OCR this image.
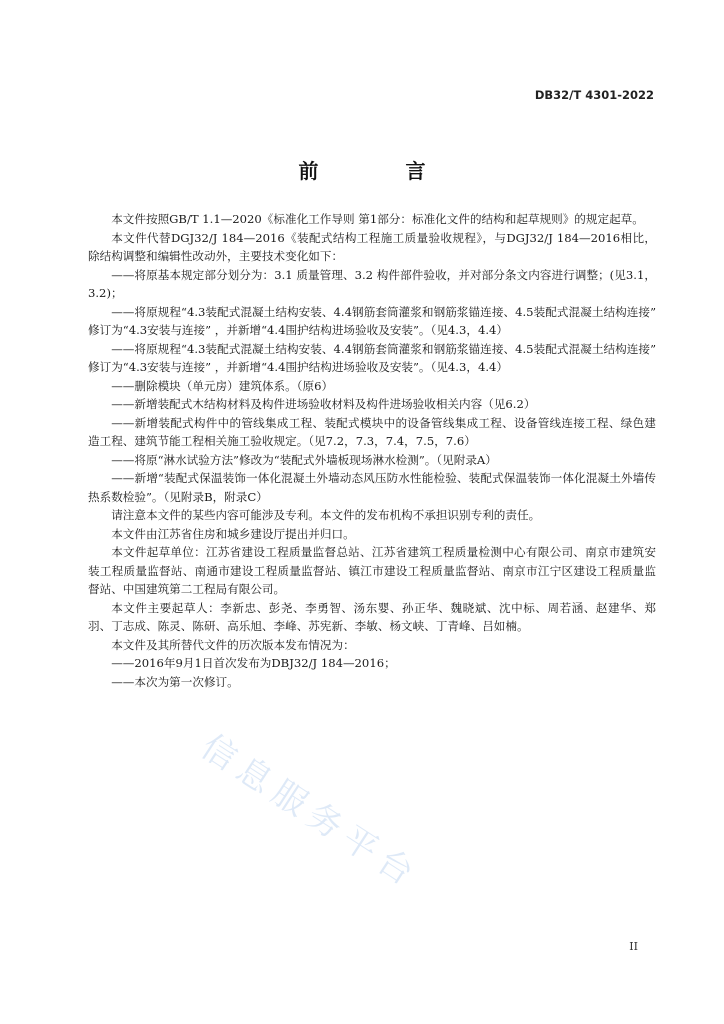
DB32/T 4301-2022
前 言

本文件按照GB/T 1.1—2020《标准化工作导则 第1部分：标准化文件的结构和起草规则》的规定起草。

本文件代替DGJ32/J 184—2016《装配式结构工程施工质量验收规程》，与DGJ32/J 184—2016相比，除结构调整和编辑性改动外，主要技术变化如下：

——将原基本规定部分划分为：3.1 质量管理、3.2 构件部件验收，并对部分条文内容进行调整；(见3.1，3.2)；

——将原规程“4.3装配式混凝土结构安装、4.4钢筋套筒灌浆和钢筋浆锚连接、4.5装配式混凝土结构连接” 修订为“4.3安装与连接” ，并新增“4.4围护结构进场验收及安装”。（见4.3，4.4）

——将原规程“4.3装配式混凝土结构安装、4.4钢筋套筒灌浆和钢筋浆锚连接、4.5装配式混凝土结构连接” 修订为“4.3安装与连接” ，并新增“4.4围护结构进场验收及安装”。（见4.3，4.4）

——删除模块（单元房）建筑体系。（原6）

——新增装配式木结构材料及构件进场验收材料及构件进场验收相关内容（见6.2）

——新增装配式构件中的管线集成工程、装配式模块中的设备管线集成工程、设备管线连接工程、绿色建造工程、建筑节能工程相关施工验收规定。（见7.2，7.3，7.4，7.5，7.6）

——将原“淋水试验方法”修改为“装配式外墙板现场淋水检测”。（见附录A）

——新增“装配式保温装饰一体化混凝土外墙动态风压防水性能检验、装配式保温装饰一体化混凝土外墙传热系数检验”。（见附录B，附录C）

请注意本文件的某些内容可能涉及专利。本文件的发布机构不承担识别专利的责任。

本文件由江苏省住房和城乡建设厅提出并归口。

本文件起草单位：江苏省建设工程质量监督总站、江苏省建筑工程质量检测中心有限公司、南京市建筑安装工程质量监督站、南通市建设工程质量监督站、镇江市建设工程质量监督站、南京市江宁区建设工程质量监督站、中国建筑第二工程局有限公司。

本文件主要起草人：李新忠、彭尧、李勇智、汤东婴、孙正华、魏晓斌、沈中标、周若涵、赵建华、郑羽、丁志成、陈灵、陈研、高乐旭、李峰、苏宪新、李敏、杨文峡、丁青峰、吕如楠。

本文件及其所替代文件的历次版本发布情况为：

——2016年9月1日首次发布为DBJ32/J 184—2016；

——本次为第一次修订。

信息服务平台
II
